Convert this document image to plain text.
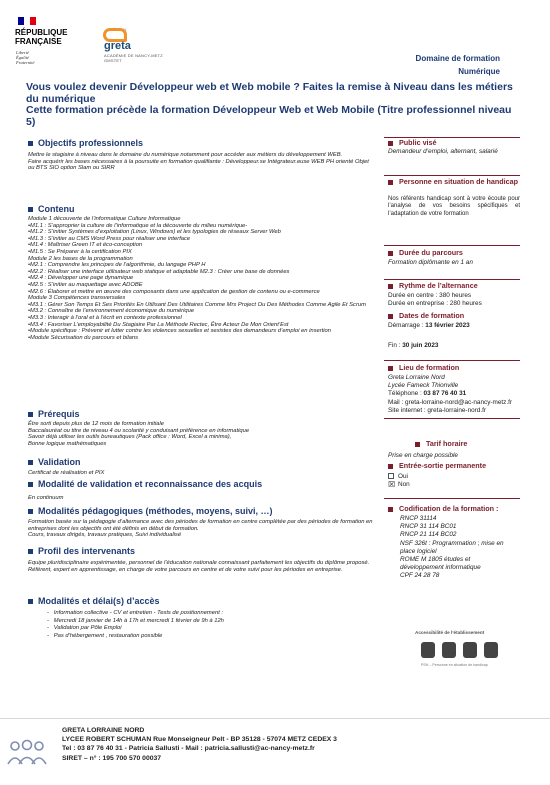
RÉPUBLIQUE
FRANÇAISE
Liberté
Égalité
Fraternité
RÉSEAU
greta
ACADÉMIE DE NANCY-METZ
GMSTET	Domaine de formation
Numérique

Vous voulez devenir Développeur web et Web mobile ? Faites la remise à Niveau dans les métiers du numérique

Cette formation précède la formation Développeur Web et Web Mobile (Titre professionnel niveau 5)

Objectifs professionnels

Mettre le stagiaire à niveau dans le domaine du numérique notamment pour accéder aux métiers du développement WEB.

Faire acquérir les bases nécessaires à la poursuite en formation qualifiante : Développeur.se Intégrateur.euse WEB PH orienté Objet ou BTS SIO option Slam ou SIRR

Contenu

Module 1 découverte de l’informatique Culture Informatique

•M1.1 : S’approprier la culture de l’informatique et la découverte du milieu numérique-

•M1.2 : S’initier Systèmes d’exploitation (Linux, Windows) et les typologies de réseaux Server Web

•M1.3 : S’initier au CMS Word Press pour réaliser une interface

•M1.4 : Maîtriser Green IT et éco-conception

•M1.5 : Se Préparer à la certification PIX

Module 2 les bases de la programmation

•M2.1 : Comprendre les principes de l’algorithmie, du langage PHP H

•M2.2 : Réaliser une interface utilisateur web statique et adaptable M2.3 : Créer une base de données

•M2.4 : Développer une page dynamique

•M2.5 : S’initier au maquettage avec ADOBE

•M2.6 : Élaborer et mettre en œuvre des composants dans une application de gestion de contenu ou e-commerce

Module 3 Compétences transversales

•M3.1 : Gérer Son Temps Et Ses Priorités En Utilisant Des Utilitaires Comme Mrs Project Ou Des Méthodes Comme Agile Et Scrum

•M3.2 : Connaître de l’environnement économique du numérique

•M3.3 : Interagir à l’oral et à l’écrit en contexte professionnel

•M3.4 : Favoriser L’employabilité Du Stagiaire Par La Méthode Rectec, Être Acteur De Mon Orient’Est

•Module spécifique : Prévenir et lutter contre les violences sexuelles et sexistes des demandeurs d’emploi en insertion

•Module Sécurisation du parcours et bilans

Prérequis

Être sorti depuis plus de 12 mois de formation initiale

Baccalauréat ou titre de niveau 4 ou scolarité y conduisant préférence en informatique

Savoir déjà utiliser les outils bureautiques (Pack office : Word, Excel a minima),

Bonne logique mathématiques

Validation

Certificat de réalisation et PIX

Modalité de validation et reconnaissance des acquis

En continuum

Modalités pédagogiques (méthodes, moyens, suivi, …)

Formation basée sur la pédagogie d’alternance avec des périodes de formation en centre complétée par des périodes de formation en entreprises dont les objectifs ont été définis en début de formation.

Cours, travaux dirigés, travaux pratiques, Suivi individualisé

Profil des intervenants

Equipe pluridisciplinaire expérimentée, personnel de l’éducation nationale connaissant parfaitement les objectifs du diplôme proposé.

Référent, expert en apprentissage, en charge de votre parcours en centre et de votre suivi pour les périodes en entreprise.

Modalités et délai(s) d’accès

-   Information collective - CV et entretien - Tests de positionnement :

-   Mercredi 18 janvier de 14h à 17h et mercredi 1 février de 9h à 12h

-   Validation par Pôle Emploi

-   Pas d’hébergement , restauration possible

Public visé
Demandeur d’emploi, alternant, salarié
Personne en situation de handicap
Nos référents handicap sont à votre écoute pour l’analyse de vos besoins spécifiques et l’adaptation de votre formation
Durée du parcours
Formation diplômante en 1 an
Rythme de l’alternance

Durée en centre : 380 heures

Durée en entreprise : 280 heures

Dates de formation
Démarrage : 13 février 2023
Fin : 30 juin 2023
Lieu de formation

Greta Lorraine Nord

Lycée Fameck Thionville

Téléphone : 03 87 76 40 31

Mail : greta-lorraine-nord@ac-nancy-metz.fr

Site internet : greta-lorraine-nord.fr

Tarif horaire
Prise en charge possible
Entrée-sortie permanente

Oui

☒ Non

Codification de la formation :

RNCP 31114

RNCP 31 114 BC01

RNCP 21 114 BC02

NSF 326t : Programmation ; mise en place logiciel

ROME M 1805 études et développement informatique

CPF 24 28 78

Accessibilité de l’établissement
PSH – Personne en situation de handicap

GRETA LORRAINE NORD

LYCEE ROBERT SCHUMAN Rue Monseigneur Pelt - BP 35128 - 57074 METZ CEDEX 3

Tel : 03 87 76 40 31 - Patricia Sallusti - Mail : patricia.sallusti@ac-nancy-metz.fr

SIRET – n° : 195 700 570 00037
